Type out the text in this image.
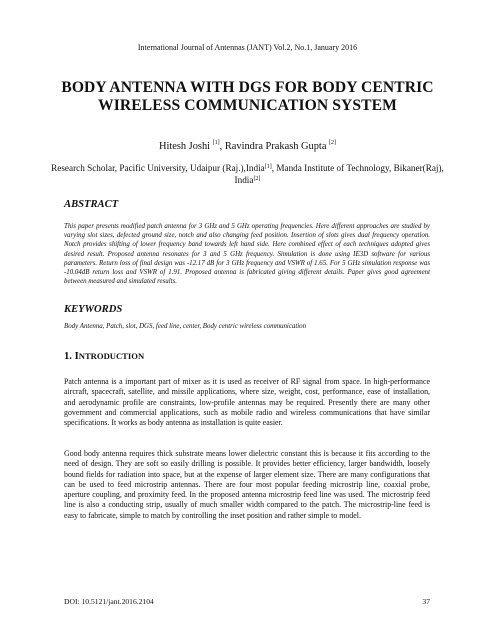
International Journal of Antennas (JANT) Vol.2, No.1, January 2016
BODY ANTENNA WITH DGS FOR BODY CENTRIC WIRELESS COMMUNICATION SYSTEM
Hitesh Joshi [1], Ravindra Prakash Gupta [2]
Research Scholar, Pacific University, Udaipur (Raj.),India[1], Manda Institute of Technology, Bikaner(Raj), India[2]
ABSTRACT

This paper presents modified patch antenna for 3 GHz and 5 GHz operating frequencies. Here different approaches are studied by varying slot sizes, defected ground size, notch and also changing feed position. Insertion of slots gives dual frequency operation. Notch provides shifting of lower frequency band towards left hand side. Here combined effect of each techniques adopted gives desired result. Proposed antenna resonates for 3 and 5 GHz frequency. Simulation is done using IE3D software for various parameters. Return loss of final design was -12.17 dB for 3 GHz frequency and VSWR of 1.65. For 5 GHz simulation response was -10.04dB return loss and VSWR of 1.91. Proposed antenna is fabricated giving different details. Paper gives good agreement between measured and simulated results.

KEYWORDS

Body Antenna, Patch, slot, DGS, feed line, center, Body centric wireless communication

1. INTRODUCTION

Patch antenna is a important part of mixer as it is used as receiver of RF signal from space. In high-performance aircraft, spacecraft, satellite, and missile applications, where size, weight, cost, performance, ease of installation, and aerodynamic profile are constraints, low-profile antennas may be required. Presently there are many other government and commercial applications, such as mobile radio and wireless communications that have similar specifications. It works as body antenna as installation is quite easier.

Good body antenna requires thick substrate means lower dielectric constant this is because it fits according to the need of design. They are soft so easily drilling is possible. It provides better efficiency, larger bandwidth, loosely bound fields for radiation into space, but at the expense of larger element size. There are many configurations that can be used to feed microstrip antennas. There are four most popular feeding microstrip line, coaxial probe, aperture coupling, and proximity feed. In the proposed antenna microstrip feed line was used. The microstrip feed line is also a conducting strip, usually of much smaller width compared to the patch. The microstrip-line feed is easy to fabricate, simple to match by controlling the inset position and rather simple to model.

DOI: 10.5121/jant.2016.2104	37
